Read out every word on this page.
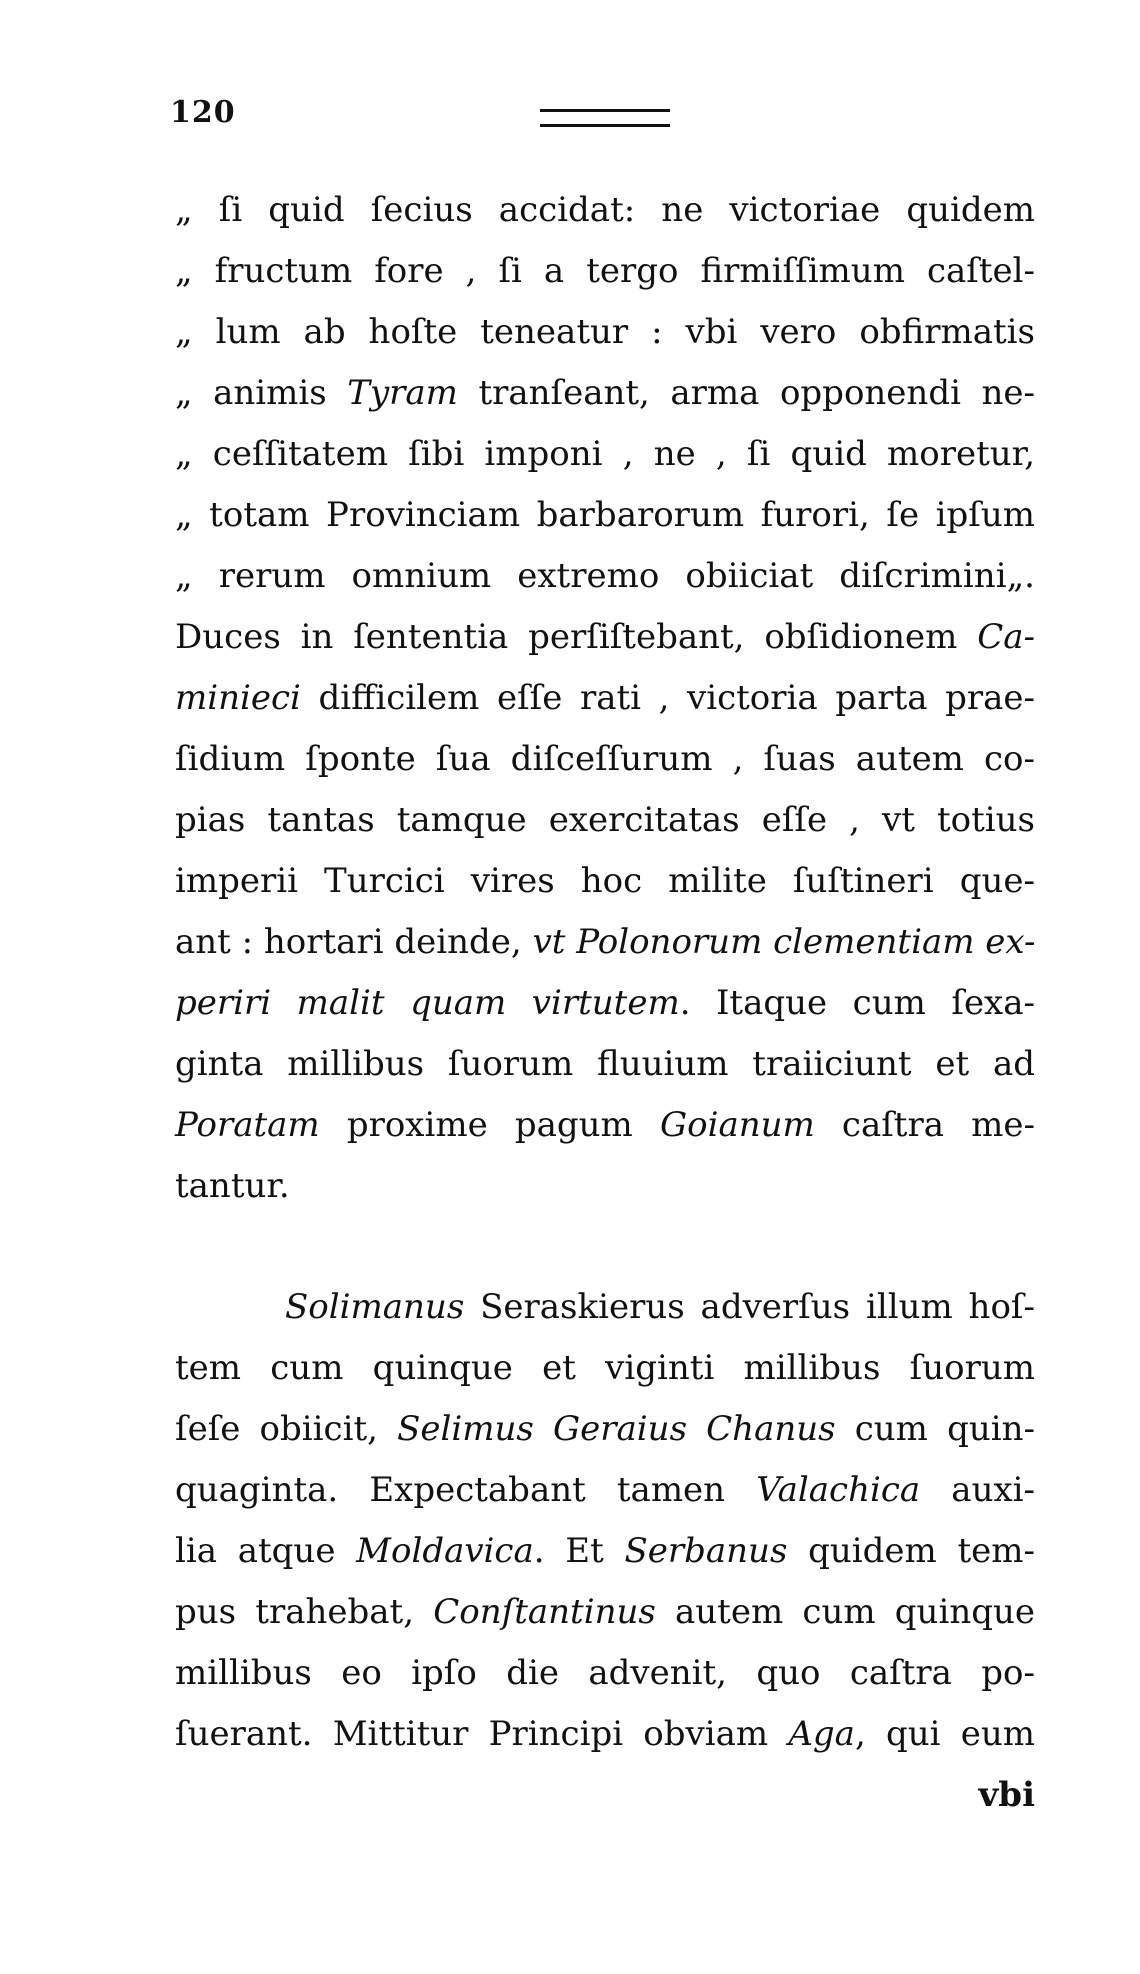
120
„ ſi quid ſecius accidat: ne victoriae quidem
„ fructum fore , ſi a tergo firmiſſimum caſtel-
„ lum ab hoſte teneatur : vbi vero obfirmatis
„ animis Tyram tranſeant, arma opponendi ne-
„ ceſſitatem ſibi imponi , ne , ſi quid moretur,
„ totam Provinciam barbarorum furori, ſe ipſum
„ rerum omnium extremo obiiciat diſcrimini„.
Duces in ſententia perſiſtebant, obſidionem Ca-
minieci difficilem eſſe rati , victoria parta prae-
ſidium ſponte ſua diſceſſurum , ſuas autem co-
pias tantas tamque exercitatas eſſe , vt totius
imperii Turcici vires hoc milite ſuſtineri que-
ant : hortari deinde, vt Polonorum clementiam ex-
periri malit quam virtutem. Itaque cum ſexa-
ginta millibus ſuorum fluuium traiiciunt et ad
Poratam proxime pagum Goianum caſtra me-
tantur.
Solimanus Seraskierus adverſus illum hoſ-
tem cum quinque et viginti millibus ſuorum
ſeſe obiicit, Selimus Geraius Chanus cum quin-
quaginta. Expectabant tamen Valachica auxi-
lia atque Moldavica. Et Serbanus quidem tem-
pus trahebat, Conſtantinus autem cum quinque
millibus eo ipſo die advenit, quo caſtra po-
ſuerant. Mittitur Principi obviam Aga, qui eum
vbi
